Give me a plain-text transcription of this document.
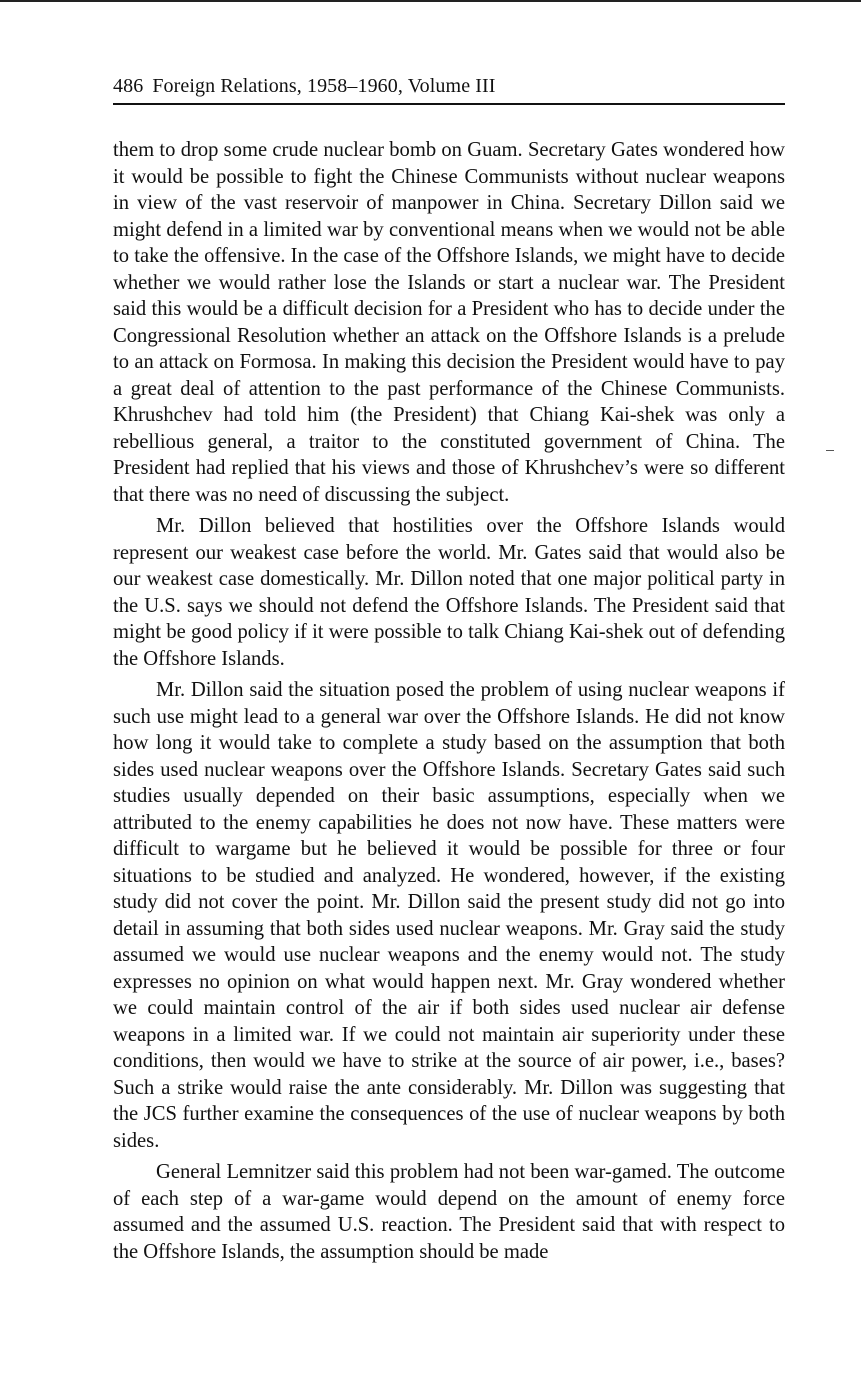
486 Foreign Relations, 1958–1960, Volume III

them to drop some crude nuclear bomb on Guam. Secretary Gates wondered how it would be possible to fight the Chinese Communists without nuclear weapons in view of the vast reservoir of manpower in China. Secretary Dillon said we might defend in a limited war by conventional means when we would not be able to take the offensive. In the case of the Offshore Islands, we might have to decide whether we would rather lose the Islands or start a nuclear war. The President said this would be a difficult decision for a President who has to decide under the Congressional Resolution whether an attack on the Offshore Islands is a prelude to an attack on Formosa. In making this decision the President would have to pay a great deal of attention to the past performance of the Chinese Communists. Khrushchev had told him (the President) that Chiang Kai-shek was only a rebellious general, a traitor to the constituted government of China. The President had replied that his views and those of Khrushchev’s were so different that there was no need of discussing the subject.

Mr. Dillon believed that hostilities over the Offshore Islands would represent our weakest case before the world. Mr. Gates said that would also be our weakest case domestically. Mr. Dillon noted that one major political party in the U.S. says we should not defend the Offshore Islands. The President said that might be good policy if it were possible to talk Chiang Kai-shek out of defending the Offshore Islands.

Mr. Dillon said the situation posed the problem of using nuclear weapons if such use might lead to a general war over the Offshore Islands. He did not know how long it would take to complete a study based on the assumption that both sides used nuclear weapons over the Offshore Islands. Secretary Gates said such studies usually depended on their basic assumptions, especially when we attributed to the enemy capabilities he does not now have. These matters were difficult to wargame but he believed it would be possible for three or four situations to be studied and analyzed. He wondered, however, if the existing study did not cover the point. Mr. Dillon said the present study did not go into detail in assuming that both sides used nuclear weapons. Mr. Gray said the study assumed we would use nuclear weapons and the enemy would not. The study expresses no opinion on what would happen next. Mr. Gray wondered whether we could maintain control of the air if both sides used nuclear air defense weapons in a limited war. If we could not maintain air superiority under these conditions, then would we have to strike at the source of air power, i.e., bases? Such a strike would raise the ante considerably. Mr. Dillon was suggesting that the JCS further examine the consequences of the use of nuclear weapons by both sides.

General Lemnitzer said this problem had not been war-gamed. The outcome of each step of a war-game would depend on the amount of enemy force assumed and the assumed U.S. reaction. The President said that with respect to the Offshore Islands, the assumption should be made
